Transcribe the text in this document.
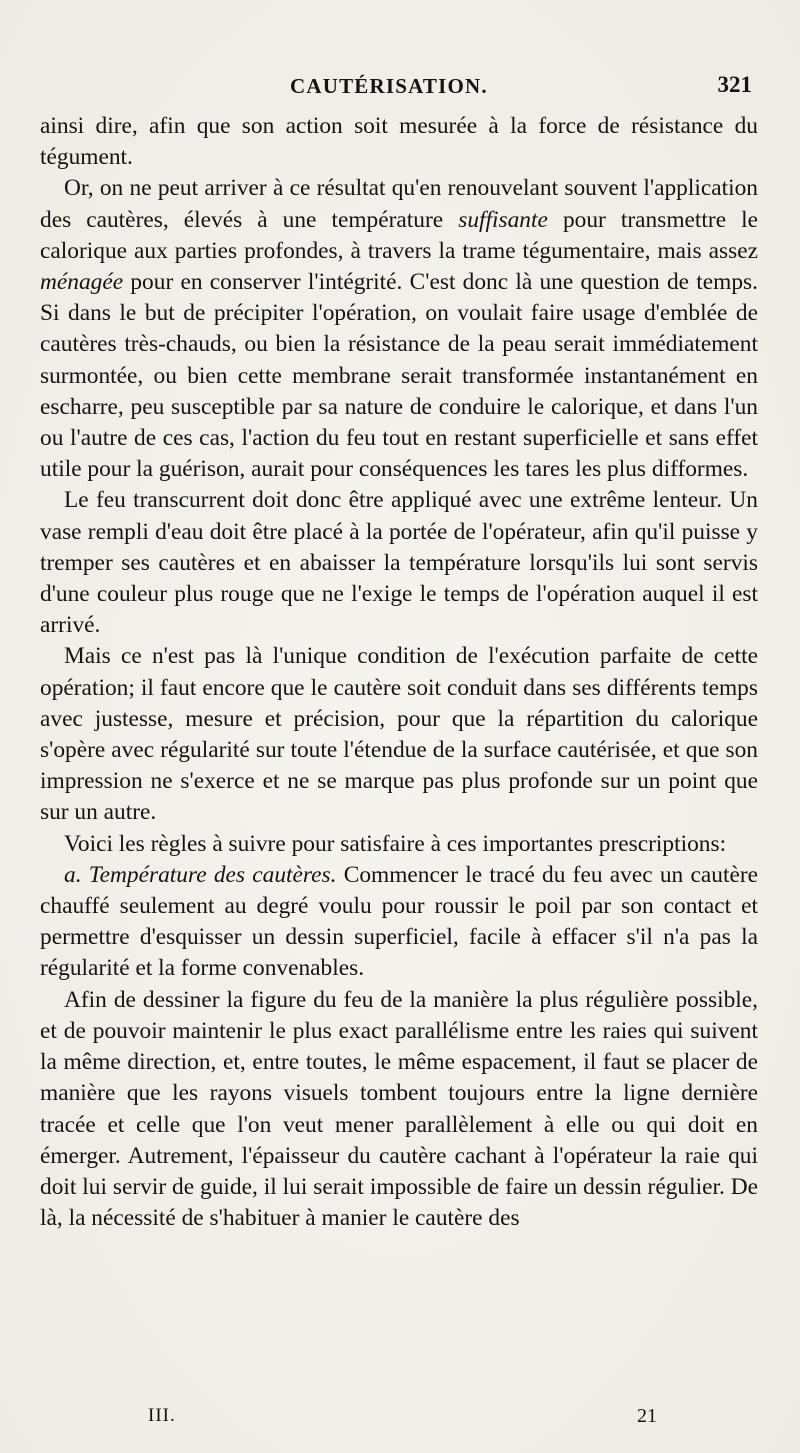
CAUTÉRISATION.	321

ainsi dire, afin que son action soit mesurée à la force de résistance du tégument.

Or, on ne peut arriver à ce résultat qu'en renouvelant souvent l'application des cautères, élevés à une température suffisante pour transmettre le calorique aux parties profondes, à travers la trame tégumentaire, mais assez ménagée pour en conserver l'intégrité. C'est donc là une question de temps. Si dans le but de précipiter l'opération, on voulait faire usage d'emblée de cautères très-chauds, ou bien la résistance de la peau serait immédiatement surmontée, ou bien cette membrane serait transformée instantanément en escharre, peu susceptible par sa nature de conduire le calorique, et dans l'un ou l'autre de ces cas, l'action du feu tout en restant superficielle et sans effet utile pour la guérison, aurait pour conséquences les tares les plus difformes.

Le feu transcurrent doit donc être appliqué avec une extrême lenteur. Un vase rempli d'eau doit être placé à la portée de l'opérateur, afin qu'il puisse y tremper ses cautères et en abaisser la température lorsqu'ils lui sont servis d'une couleur plus rouge que ne l'exige le temps de l'opération auquel il est arrivé.

Mais ce n'est pas là l'unique condition de l'exécution parfaite de cette opération; il faut encore que le cautère soit conduit dans ses différents temps avec justesse, mesure et précision, pour que la répartition du calorique s'opère avec régularité sur toute l'étendue de la surface cautérisée, et que son impression ne s'exerce et ne se marque pas plus profonde sur un point que sur un autre.

Voici les règles à suivre pour satisfaire à ces importantes prescriptions:

a. Température des cautères. Commencer le tracé du feu avec un cautère chauffé seulement au degré voulu pour roussir le poil par son contact et permettre d'esquisser un dessin superficiel, facile à effacer s'il n'a pas la régularité et la forme convenables.

Afin de dessiner la figure du feu de la manière la plus régulière possible, et de pouvoir maintenir le plus exact parallélisme entre les raies qui suivent la même direction, et, entre toutes, le même espacement, il faut se placer de manière que les rayons visuels tombent toujours entre la ligne dernière tracée et celle que l'on veut mener parallèlement à elle ou qui doit en émerger. Autrement, l'épaisseur du cautère cachant à l'opérateur la raie qui doit lui servir de guide, il lui serait impossible de faire un dessin régulier. De là, la nécessité de s'habituer à manier le cautère des

III.	21
